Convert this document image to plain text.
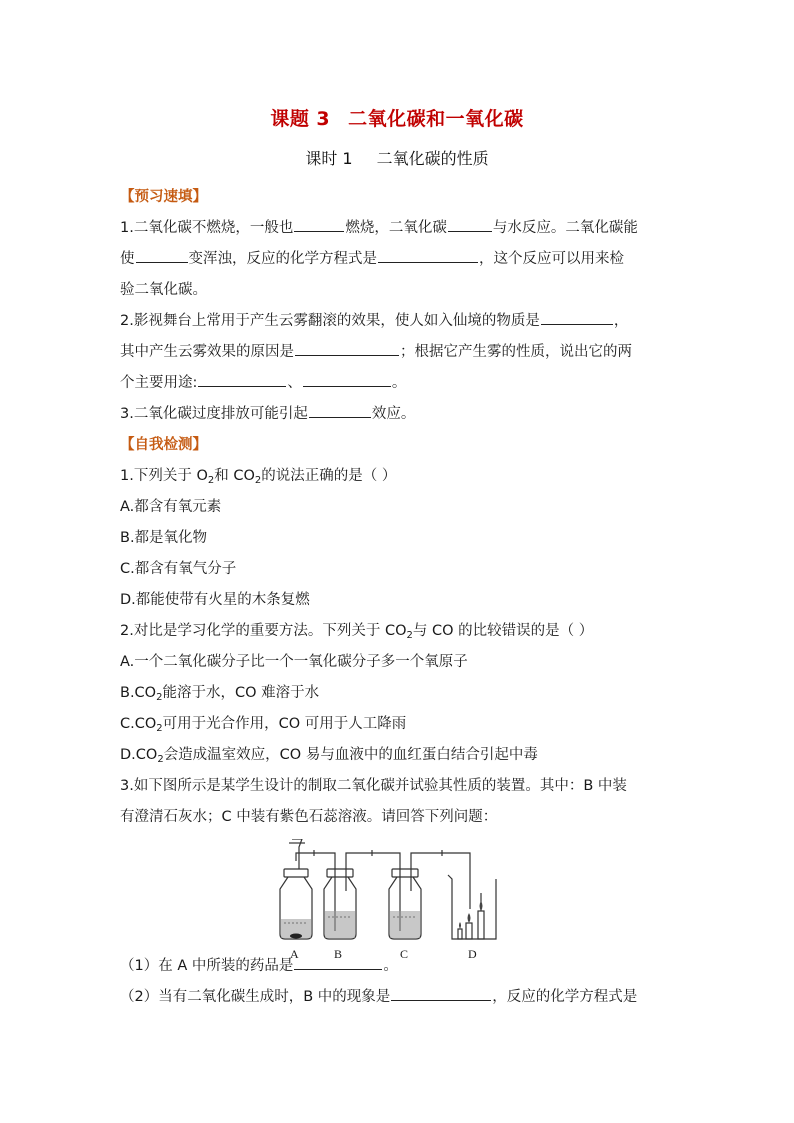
课题 3 二氧化碳和一氧化碳
课时 1 二氧化碳的性质
【预习速填】
1.二氧化碳不燃烧，一般也	燃烧，二氧化碳	与水反应。二氧化碳能
使	变浑浊，反应的化学方程式是	，这个反应可以用来检
验二氧化碳。
2.影视舞台上常用于产生云雾翻滚的效果，使人如入仙境的物质是	，
其中产生云雾效果的原因是	；根据它产生雾的性质，说出它的两
个主要用途:	、	。
3.二氧化碳过度排放可能引起	效应。
【自我检测】
1.下列关于 $O_2$和 $CO_2$的说法正确的是（ ）
A.都含有氧元素
B.都是氧化物
C.都含有氧气分子
D.都能使带有火星的木条复燃
2.对比是学习化学的重要方法。下列关于 $CO_2$与 CO 的比较错误的是（ ）
A.一个二氧化碳分子比一个一氧化碳分子多一个氧原子
$B.CO_2$能溶于水，CO 难溶于水
$C.CO_2$可用于光合作用，CO 可用于人工降雨
$D.CO_2$会造成温室效应，CO 易与血液中的血红蛋白结合引起中毒
3.如下图所示是某学生设计的制取二氧化碳并试验其性质的装置。其中：B 中装
有澄清石灰水；C 中装有紫色石蕊溶液。请回答下列问题：
A	B	C	D
（1）在 A 中所装的药品是	。
（2）当有二氧化碳生成时，B 中的现象是	，反应的化学方程式是
